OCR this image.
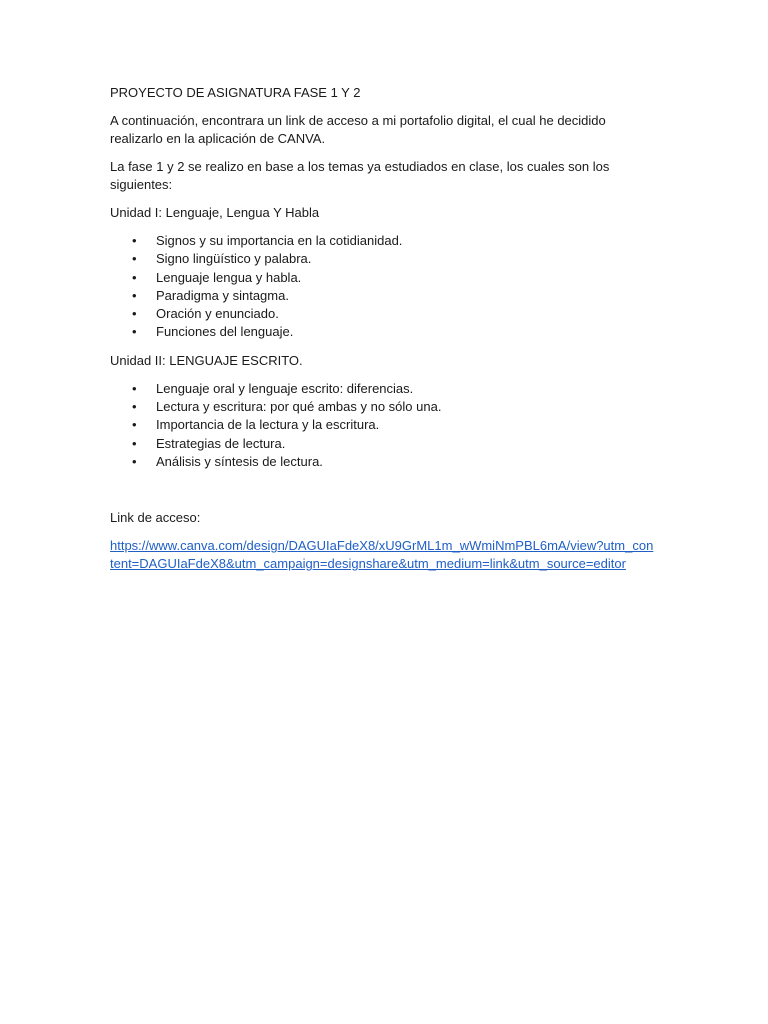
PROYECTO DE ASIGNATURA FASE 1 Y 2

A continuación, encontrara un link de acceso a mi portafolio digital, el cual he decidido
realizarlo en la aplicación de CANVA.

La fase 1 y 2 se realizo en base a los temas ya estudiados en clase, los cuales son los siguientes:

Unidad I: Lenguaje, Lengua Y Habla

• Signos y su importancia en la cotidianidad.
• Signo lingüístico y palabra.
• Lenguaje lengua y habla.
• Paradigma y sintagma.
• Oración y enunciado.
• Funciones del lenguaje.

Unidad II: LENGUAJE ESCRITO.

• Lenguaje oral y lenguaje escrito: diferencias.
• Lectura y escritura: por qué ambas y no sólo una.
• Importancia de la lectura y la escritura.
• Estrategias de lectura.
• Análisis y síntesis de lectura.

Link de acceso:

https://www.canva.com/design/DAGUIaFdeX8/xU9GrML1m_wWmiNmPBL6mA/view?utm_con
tent=DAGUIaFdeX8&utm_campaign=designshare&utm_medium=link&utm_source=editor
